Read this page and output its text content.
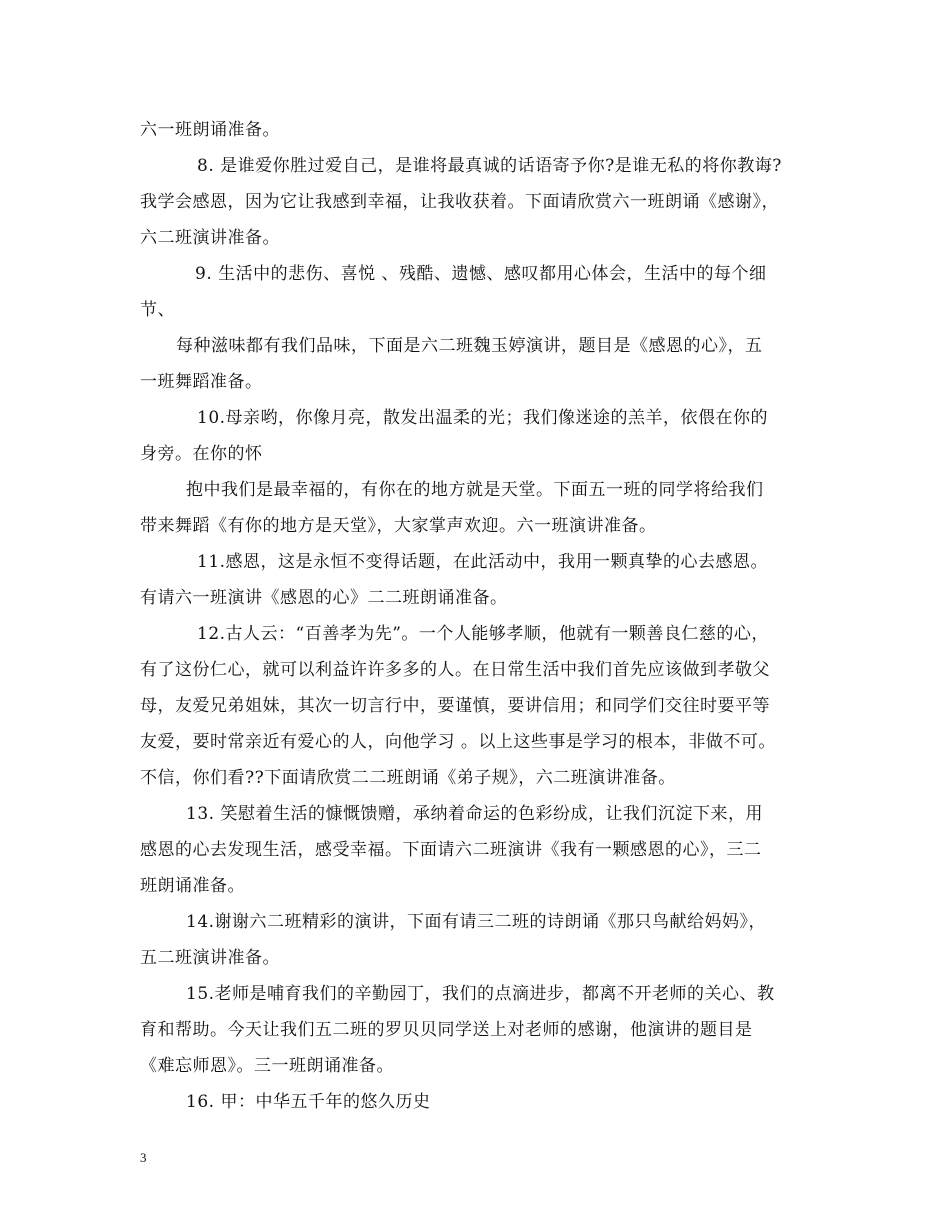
六一班朗诵准备。
8. 是谁爱你胜过爱自己，是谁将最真诚的话语寄予你?是谁无私的将你教诲?
我学会感恩，因为它让我感到幸福，让我收获着。下面请欣赏六一班朗诵《感谢》，
六二班演讲准备。
9. 生活中的悲伤、喜悦 、残酷、遗憾、感叹都用心体会，生活中的每个细
节、
每种滋味都有我们品味，下面是六二班魏玉婷演讲，题目是《感恩的心》，五
一班舞蹈准备。
10.母亲哟，你像月亮，散发出温柔的光；我们像迷途的羔羊，依偎在你的
身旁。在你的怀
抱中我们是最幸福的，有你在的地方就是天堂。下面五一班的同学将给我们
带来舞蹈《有你的地方是天堂》，大家掌声欢迎。六一班演讲准备。
11.感恩，这是永恒不变得话题，在此活动中，我用一颗真挚的心去感恩。
有请六一班演讲《感恩的心》二二班朗诵准备。
12.古人云：“百善孝为先”。一个人能够孝顺，他就有一颗善良仁慈的心，
有了这份仁心，就可以利益许许多多的人。在日常生活中我们首先应该做到孝敬父
母，友爱兄弟姐妹，其次一切言行中，要谨慎，要讲信用；和同学们交往时要平等
友爱，要时常亲近有爱心的人，向他学习 。以上这些事是学习的根本，非做不可。
不信，你们看??下面请欣赏二二班朗诵《弟子规》，六二班演讲准备。
13. 笑慰着生活的慷慨馈赠，承纳着命运的色彩纷成，让我们沉淀下来，用
感恩的心去发现生活，感受幸福。下面请六二班演讲《我有一颗感恩的心》，三二
班朗诵准备。
14.谢谢六二班精彩的演讲，下面有请三二班的诗朗诵《那只鸟献给妈妈》，
五二班演讲准备。
15.老师是哺育我们的辛勤园丁，我们的点滴进步，都离不开老师的关心、教
育和帮助。今天让我们五二班的罗贝贝同学送上对老师的感谢，他演讲的题目是
《难忘师恩》。三一班朗诵准备。
16. 甲：中华五千年的悠久历史
3
